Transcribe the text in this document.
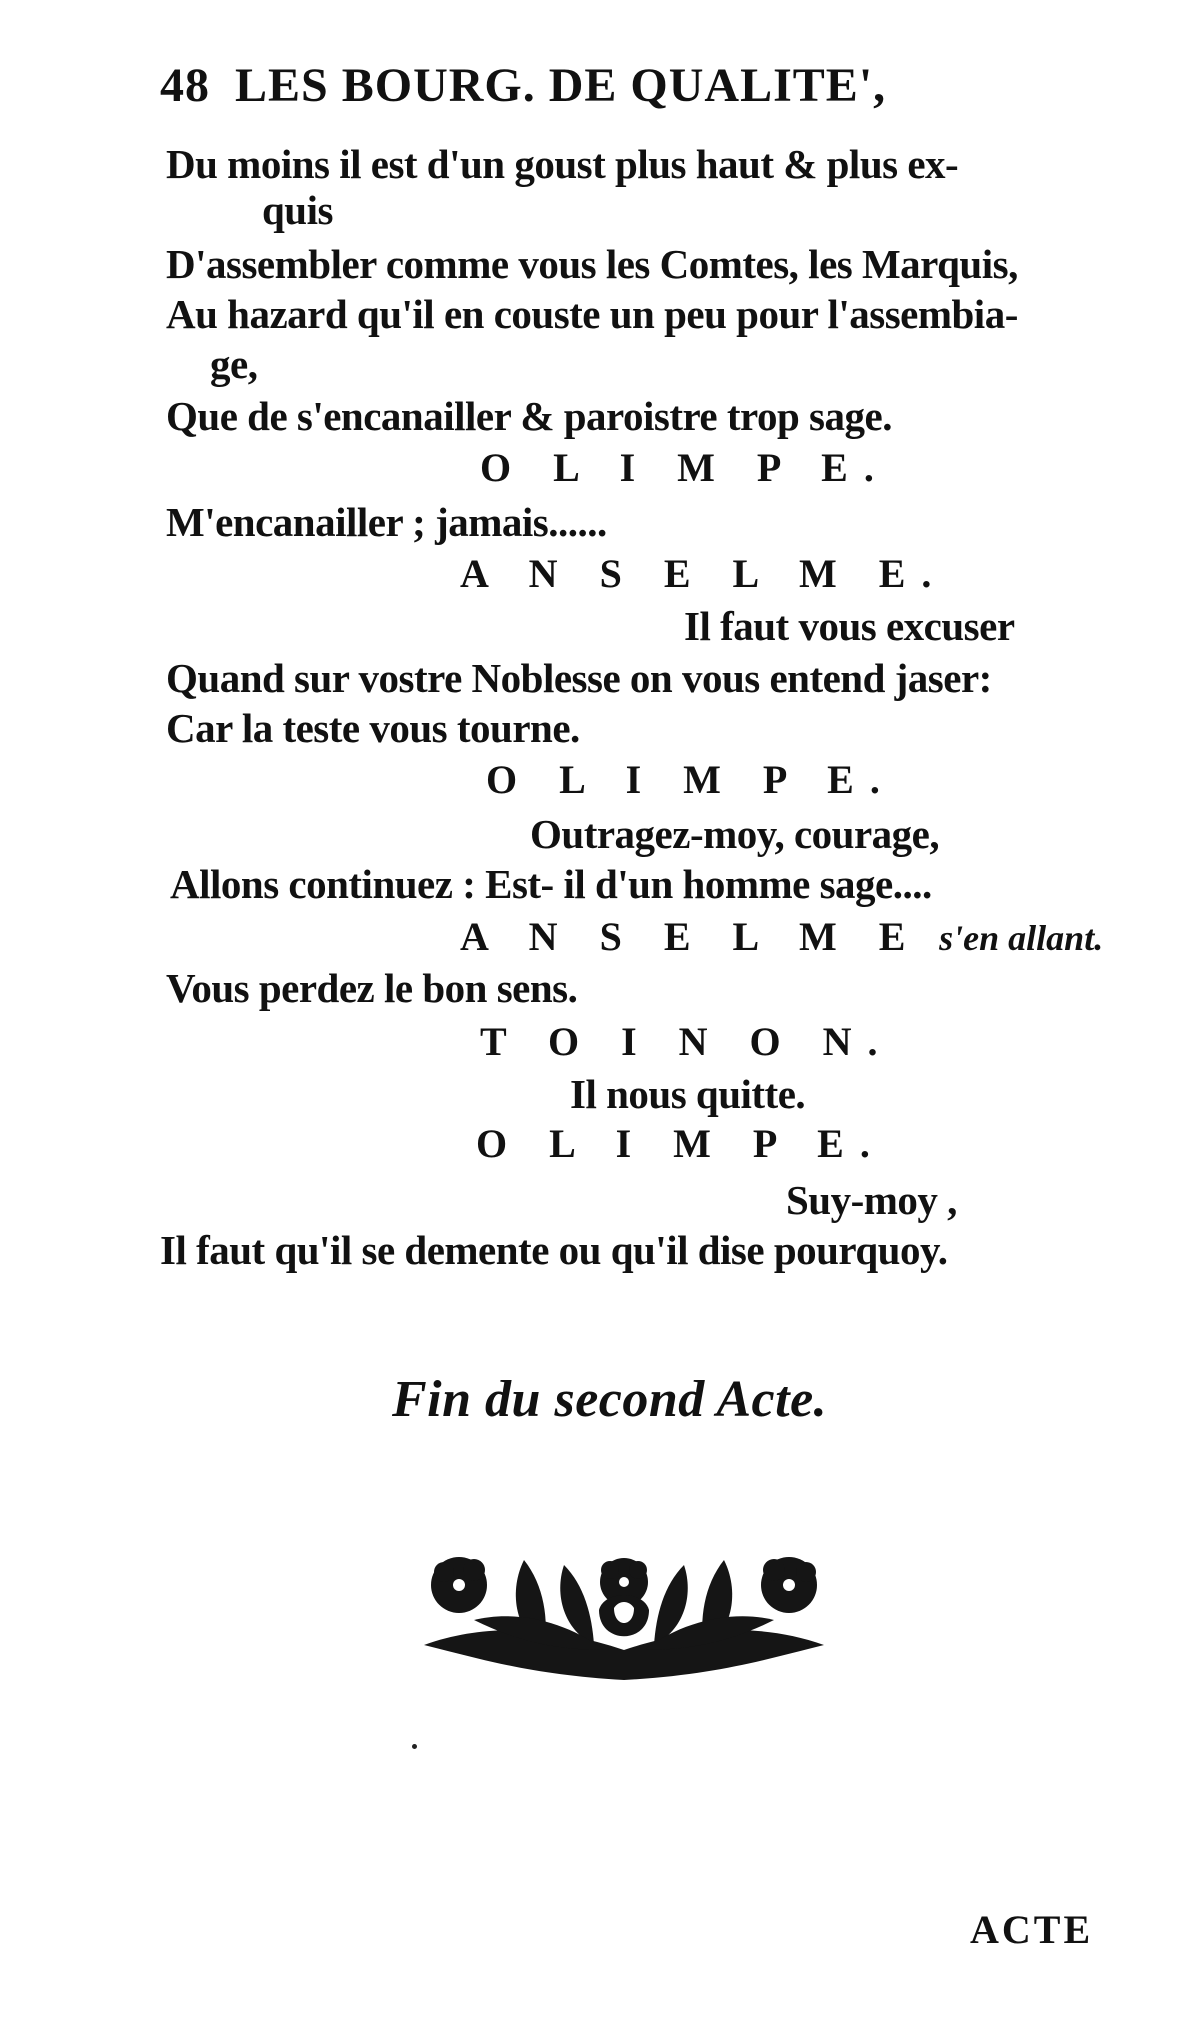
48 LES BOURG. DE QUALITE',
Du moins il est d'un goust plus haut & plus ex-
quis
D'assembler comme vous les Comtes, les Marquis,
Au hazard qu'il en couste un peu pour l'assembia-
ge,
Que de s'encanailler & paroistre trop sage.
O L I M P E.
M'encanailler ; jamais......
A N S E L M E.
Il faut vous excuser
Quand sur vostre Noblesse on vous entend jaser:
Car la teste vous tourne.
O L I M P E.
Outragez-moy, courage,
Allons continuez : Est- il d'un homme sage....
A N S E L M E s'en allant.
Vous perdez le bon sens.
T O I N O N.
Il nous quitte.
O L I M P E.
Suy-moy ,
Il faut qu'il se demente ou qu'il dise pourquoy.
Fin du second Acte.
ACTE
